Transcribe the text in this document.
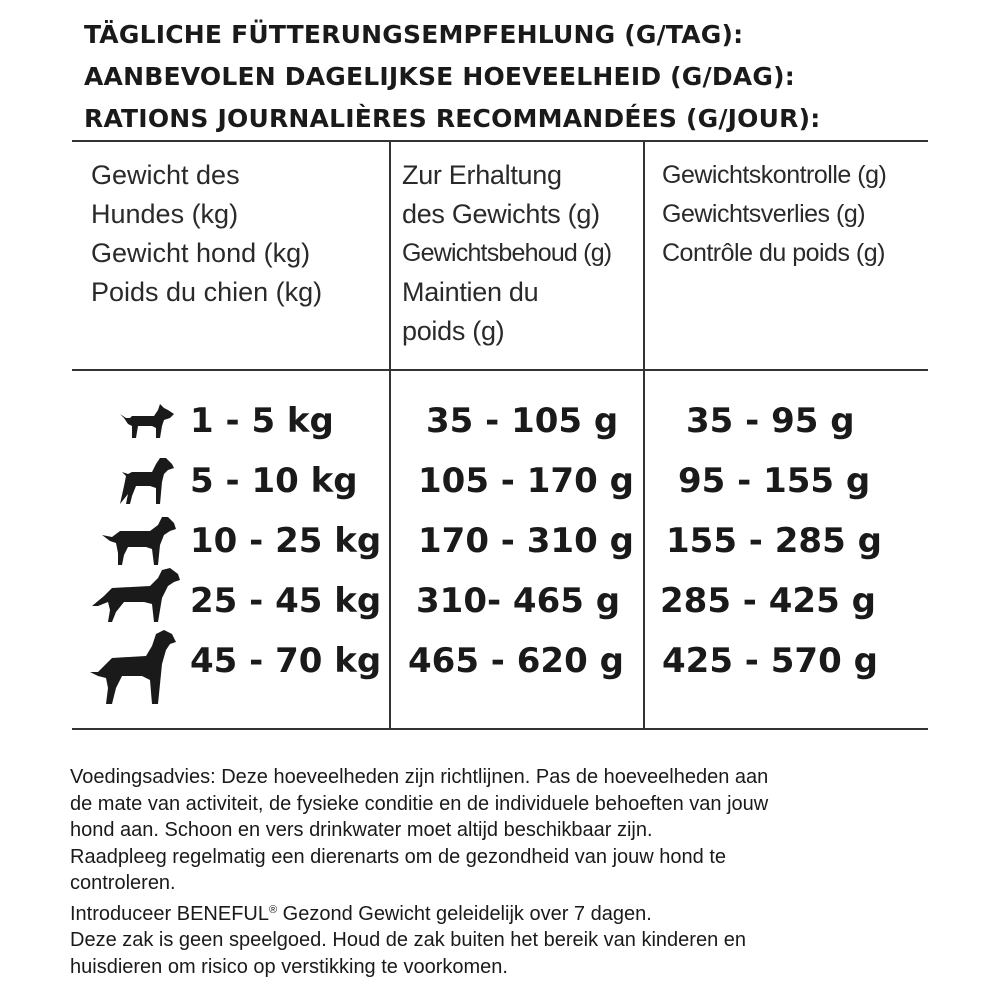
TÄGLICHE FÜTTERUNGSEMPFEHLUNG (G/TAG):
AANBEVOLEN DAGELIJKSE HOEVEELHEID (G/DAG):
RATIONS JOURNALIÈRES RECOMMANDÉES (G/JOUR):
Gewicht des
Hundes (kg)
Gewicht hond (kg)
Poids du chien (kg)
Zur Erhaltung
des Gewichts (g)
Gewichtsbehoud (g)
Maintien du
poids (g)
Gewichtskontrolle (g)
Gewichtsverlies (g)
Contrôle du poids (g)
1 - 5 kg	35 - 105 g 35 - 95 g
5 - 10 kg 105 - 170 g 95 - 155 g
10 - 25 kg 170 - 310 g 155 - 285 g
25 - 45 kg 310- 465 g 285 - 425 g
45 - 70 kg 465 - 620 g 425 - 570 g
Voedingsadvies: Deze hoeveelheden zijn richtlijnen. Pas de hoeveelheden aan
de mate van activiteit, de fysieke conditie en de individuele behoeften van jouw
hond aan. Schoon en vers drinkwater moet altijd beschikbaar zijn.
Raadpleeg regelmatig een dierenarts om de gezondheid van jouw hond te
controleren.
Introduceer BENEFUL® Gezond Gewicht geleidelijk over 7 dagen.
Deze zak is geen speelgoed. Houd de zak buiten het bereik van kinderen en
huisdieren om risico op verstikking te voorkomen.
